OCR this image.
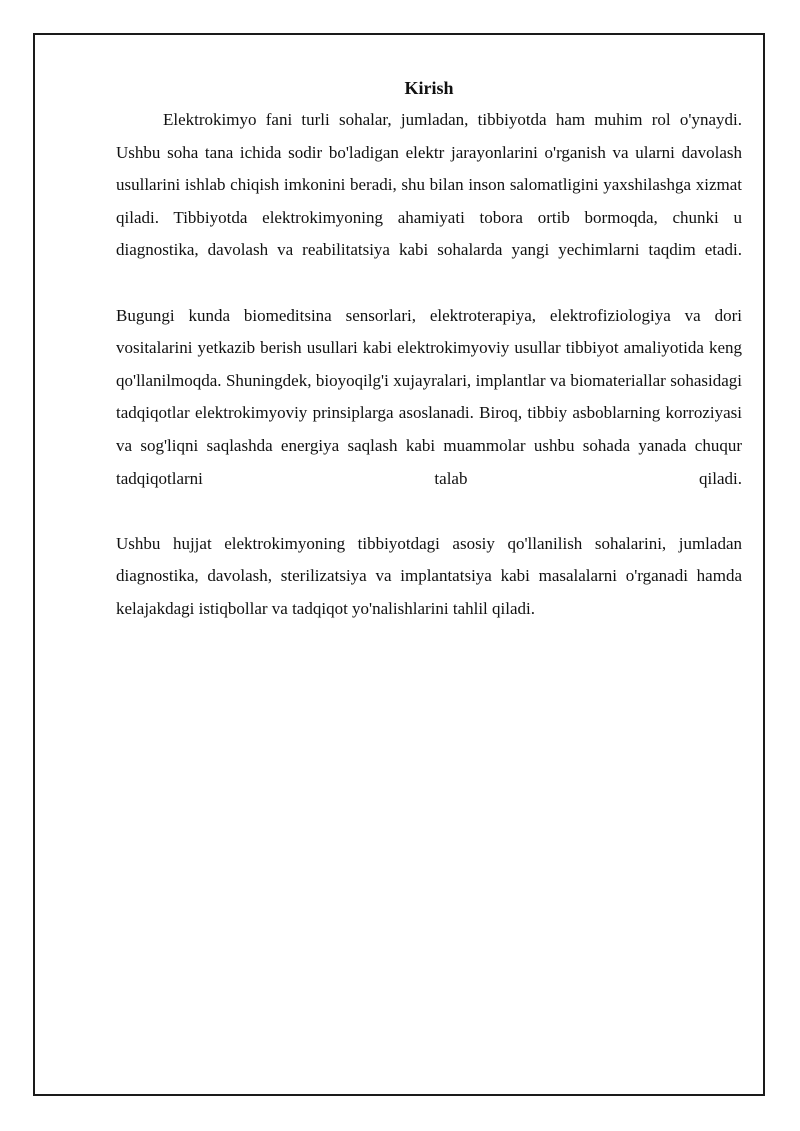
Kirish

Elektrokimyo fani turli sohalar, jumladan, tibbiyotda ham muhim rol o'ynaydi. Ushbu soha tana ichida sodir bo'ladigan elektr jarayonlarini o'rganish va ularni davolash usullarini ishlab chiqish imkonini beradi, shu bilan inson salomatligini yaxshilashga xizmat qiladi. Tibbiyotda elektrokimyoning ahamiyati tobora ortib bormoqda, chunki u diagnostika, davolash va reabilitatsiya kabi sohalarda yangi yechimlarni taqdim etadi.

Bugungi kunda biomeditsina sensorlari, elektroterapiya, elektrofiziologiya va dori vositalarini yetkazib berish usullari kabi elektrokimyoviy usullar tibbiyot amaliyotida keng qo'llanilmoqda. Shuningdek, bioyoqilg'i xujayralari, implantlar va biomateriallar sohasidagi tadqiqotlar elektrokimyoviy prinsiplarga asoslanadi. Biroq, tibbiy asboblarning korroziyasi va sog'liqni saqlashda energiya saqlash kabi muammolar ushbu sohada yanada chuqur tadqiqotlarni talab qiladi.

Ushbu hujjat elektrokimyoning tibbiyotdagi asosiy qo'llanilish sohalarini, jumladan diagnostika, davolash, sterilizatsiya va implantatsiya kabi masalalarni o'rganadi hamda kelajakdagi istiqbollar va tadqiqot yo'nalishlarini tahlil qiladi.
